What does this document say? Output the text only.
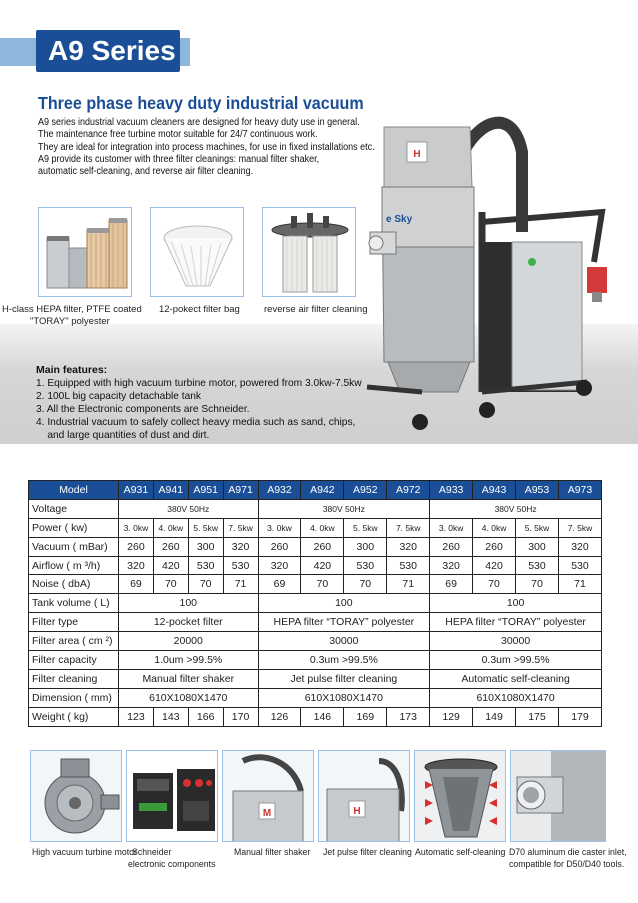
A9 Series
Three phase heavy duty industrial vacuum
A9 series industrial vacuum cleaners are designed for heavy duty use in general.
The maintenance free turbine motor suitable for 24/7 continuous work.
They are ideal for integration into process machines, for use in fixed installations etc.
A9 provide its customer with three filter cleanings: manual filter shaker,
automatic self-cleaning, and reverse air filter cleaning.
H-class HEPA filter, PTFE coated
"TORAY" polyester
12-pokect filter bag	reverse air filter cleaning
H
e Sky
Main features:
1. Equipped with high vacuum turbine motor, powered from 3.0kw-7.5kw
2. 100L big capacity detachable tank
3. All the Electronic components are Schneider.
4. Industrial vacuum to safely collect heavy media such as sand, chips,
and large quantities of dust and dirt.
Model	A931	A941	A951	A971	A932	A942	A952	A972	A933	A943	A953	A973
Voltage	380V 50Hz				380V 50Hz				380V 50Hz			
Power ( kw)	3. 0kw	4. 0kw	5. 5kw	7. 5kw	3. 0kw	4. 0kw	5. 5kw	7. 5kw	3. 0kw	4. 0kw	5. 5kw	7. 5kw
Vacuum ( mBar)	260	260	300	320	260	260	300	320	260	260	300	320
Airflow ( m ³/h)	320	420	530	530	320	420	530	530	320	420	530	530
Noise ( dbA)	69	70	70	71	69	70	70	71	69	70	70	71
Tank volume ( L)	100				100				100			
Filter type	12-pocket filter				HEPA filter “TORAY” polyester				HEPA filter “TORAY” polyester			
Filter area ( cm ²)	20000				30000				30000			
Filter capacity	1.0um >99.5%				0.3um >99.5%				0.3um >99.5%			
Filter cleaning	Manual filter shaker				Jet pulse filter cleaning				Automatic self-cleaning			
Dimension ( mm)	610X1080X1470				610X1080X1470				610X1080X1470			
Weight ( kg)	123	143	166	170	126	146	169	173	129	149	175	179
M	H
High vacuum turbine motor
Schneider
electronic components
Manual filter shaker Jet pulse filter cleaning Automatic self-cleaning D70 aluminum die caster inlet,
compatible for D50/D40 tools.
